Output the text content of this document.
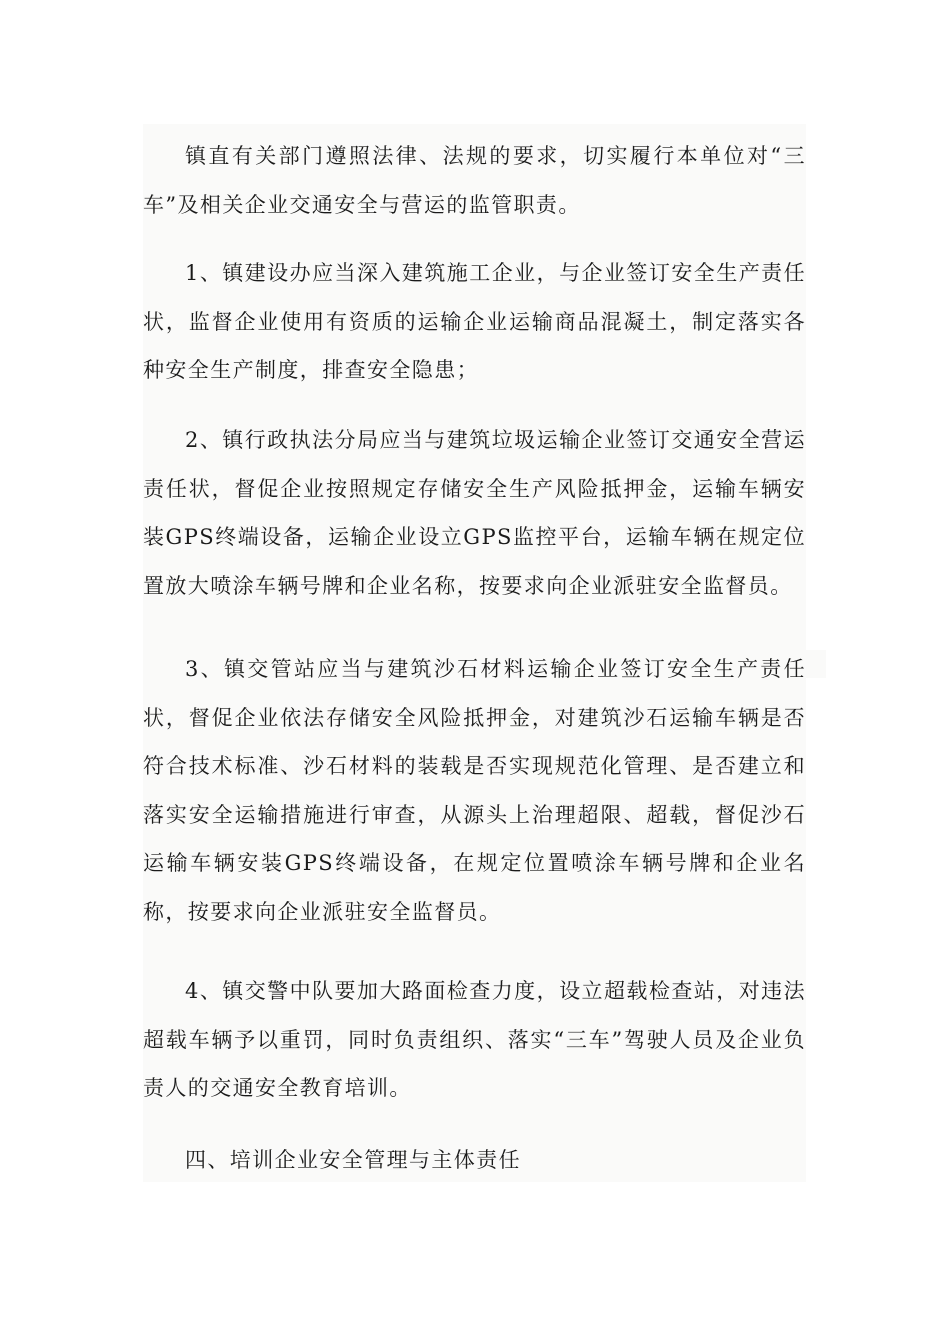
镇直有关部门遵照法律、法规的要求，切实履行本单位对“三车”及相关企业交通安全与营运的监管职责。

1、镇建设办应当深入建筑施工企业，与企业签订安全生产责任状，监督企业使用有资质的运输企业运输商品混凝土，制定落实各种安全生产制度，排查安全隐患；

2、镇行政执法分局应当与建筑垃圾运输企业签订交通安全营运责任状，督促企业按照规定存储安全生产风险抵押金，运输车辆安装GPS终端设备，运输企业设立GPS监控平台，运输车辆在规定位置放大喷涂车辆号牌和企业名称，按要求向企业派驻安全监督员。

3、镇交管站应当与建筑沙石材料运输企业签订安全生产责任状，督促企业依法存储安全风险抵押金，对建筑沙石运输车辆是否符合技术标准、沙石材料的装载是否实现规范化管理、是否建立和落实安全运输措施进行审查，从源头上治理超限、超载，督促沙石运输车辆安装GPS终端设备，在规定位置喷涂车辆号牌和企业名称，按要求向企业派驻安全监督员。

4、镇交警中队要加大路面检查力度，设立超载检查站，对违法超载车辆予以重罚，同时负责组织、落实“三车”驾驶人员及企业负责人的交通安全教育培训。

四、培训企业安全管理与主体责任
